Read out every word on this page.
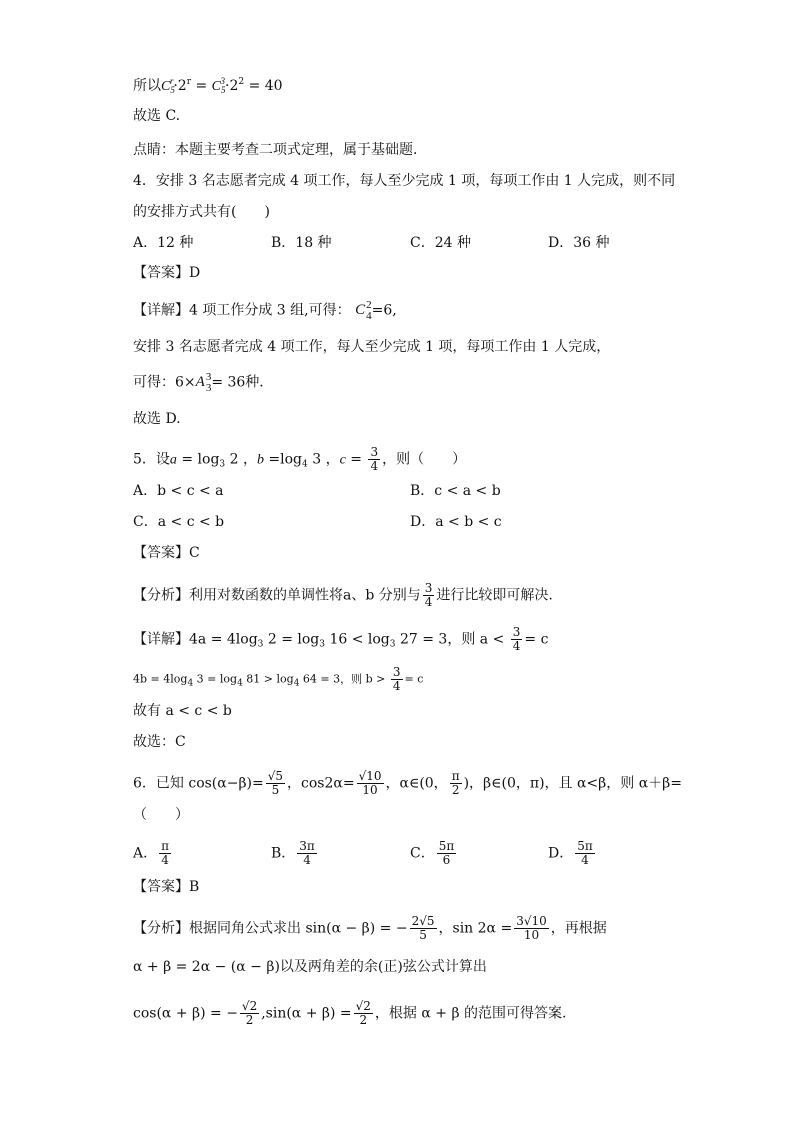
所以$C_5^r\cdot 2^r = C_5^3\cdot 2^2 = 40$
故选 C.
点睛：本题主要考查二项式定理，属于基础题．
4．安排 3 名志愿者完成 4 项工作，每人至少完成 1 项，每项工作由 1 人完成，则不同
的安排方式共有(　　)
A．12 种	B．18 种	C．24 种	D．36 种
【答案】D
【详解】4 项工作分成 3 组,可得： C 2
4 =6,
安排 3 名志愿者完成 4 项工作，每人至少完成 1 项，每项工作由 1 人完成，
可得：6×A 3
3 = 36种．
故选 D.
5．设$a = \log_3 2$ ，$b =\log_4$ 3 ，$c = \frac{3}{4}$ ，则（　　）
A．b < c < a	B．c < a < b
C．a < c < b	D．a < b < c
【答案】C
【分析】利用对数函数的单调性将a、b 分别与 $\frac{3}{4}$ 进行比较即可解决.
【详解】$4a = 4\log_3$ $2 = \log_3 16 < \log_3 27 = 3$，则 $a < \frac{3}{4} = c$
$4b = 4\log_4$ $3 = \log_4 81 > \log_4 64 = 3$，则 $b > \frac{3}{4} = c$
故有 a < c < b
故选：C
6．已知 $\cos(\alpha-\beta)= \frac{√5}{5}$ ，$\cos 2\alpha= \frac{√10}{10}$ ，α∈(0， $\frac{\pi}{2}$ )，β∈(0，π)，且 α<β，则 α＋β=
（　　）
A． $\frac{\pi}{4}$	B． $\frac{3\pi}{4}$	C． $\frac{5\pi}{6}$	D． $\frac{5\pi}{4}$
【答案】B
【分析】根据同角公式求出 sin(α − β) = − $\frac{2√5}{5}$ ，$\sin 2\alpha = \frac{3√10}{10}$ ，再根据
α + β = 2α − (α − β)以及两角差的余(正)弦公式计算出
cos(α + β) = − $\frac{√2}{2} ,\sin(\alpha + \beta) = \frac{√2}{2}$ ，根据 α + β 的范围可得答案.
